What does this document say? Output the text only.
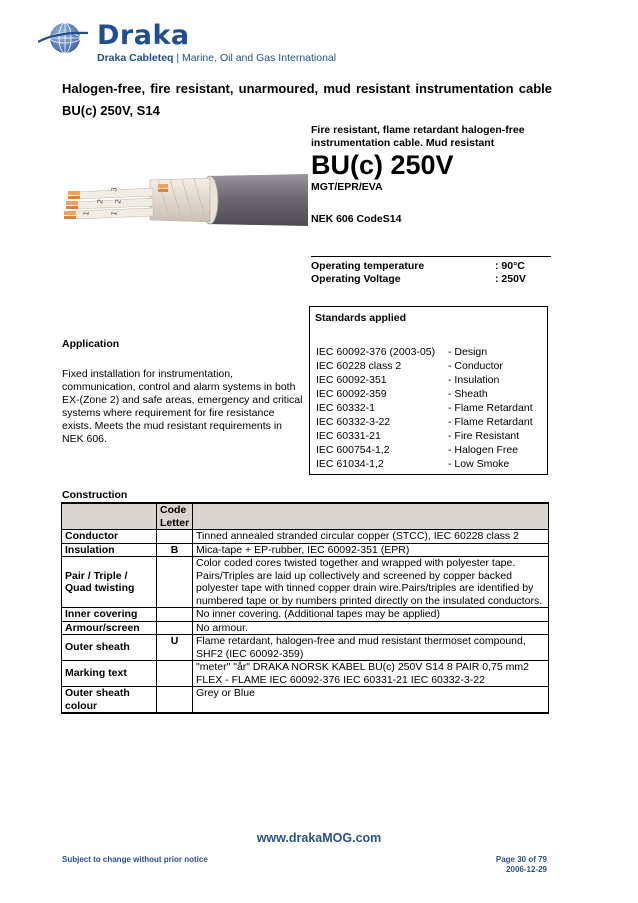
Draka
Draka Cableteq | Marine, Oil and Gas International
Halogen-free, fire resistant, unarmoured, mud resistant instrumentation cable
BU(c) 250V, S14
Fire resistant, flame retardant halogen-free instrumentation cable. Mud resistant
BU(c) 250V
MGT/EPR/EVA
NEK 606 CodeS14
1
2
1
2
3
Operating temperature	: 90°C
Operating Voltage	: 250V
Standards applied
IEC 60092-376 (2003-05)	- Design
IEC 60228 class 2	- Conductor
IEC 60092-351	- Insulation
IEC 60092-359	- Sheath
IEC 60332-1	- Flame Retardant
IEC 60332-3-22	- Flame Retardant
IEC 60331-21	- Fire Resistant
IEC 600754-1,2	- Halogen Free
IEC 61034-1,2	- Low Smoke
Application
Fixed installation for instrumentation, communication, control and alarm systems in both EX-(Zone 2) and safe areas, emergency and critical systems where requirement for fire resistance exists. Meets the mud resistant requirements in NEK 606.
Construction
	Code Letter	
Conductor		Tinned annealed stranded circular copper (STCC), IEC 60228 class 2
Insulation	B	Mica-tape + EP-rubber, IEC 60092-351 (EPR)
Pair / Triple / Quad twisting		Color coded cores twisted together and wrapped with polyester tape. Pairs/Triples are laid up collectively and screened by copper backed polyester tape with tinned copper drain wire.Pairs/triples are identified by numbered tape or by numbers printed directly on the insulated conductors.
Inner covering		No inner covering. (Additional tapes may be applied)
Armour/screen		No armour.
Outer sheath	U	Flame retardant, halogen-free and mud resistant thermoset compound, SHF2 (IEC 60092-359)
Marking text		"meter" "år" DRAKA NORSK KABEL BU(c) 250V S14 8 PAIR 0,75 mm2 FLEX - FLAME IEC 60092-376 IEC 60331-21 IEC 60332-3-22
Outer sheath colour		Grey or Blue
www.drakaMOG.com
Subject to change without prior notice	Page 30 of 79
2006-12-29
